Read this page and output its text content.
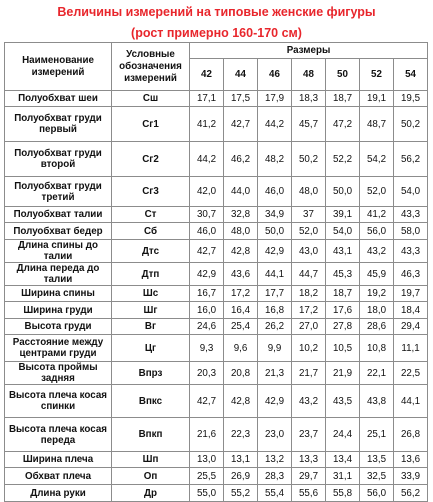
Величины измерений на типовые женские фигуры
(рост примерно 160-170 см)
Наименование измерений	Условные обозначения измерений	Размеры						
		42	44	46	48	50	52	54
Полуобхват шеи	Сш	17,1	17,5	17,9	18,3	18,7	19,1	19,5
Полуобхват груди первый	Сг1	41,2	42,7	44,2	45,7	47,2	48,7	50,2
Полуобхват груди второй	Сг2	44,2	46,2	48,2	50,2	52,2	54,2	56,2
Полуобхват груди третий	Сг3	42,0	44,0	46,0	48,0	50,0	52,0	54,0
Полуобхват талии	Ст	30,7	32,8	34,9	37	39,1	41,2	43,3
Полуобхват бедер	Сб	46,0	48,0	50,0	52,0	54,0	56,0	58,0
Длина спины до талии	Дтс	42,7	42,8	42,9	43,0	43,1	43,2	43,3
Длина переда до талии	Дтп	42,9	43,6	44,1	44,7	45,3	45,9	46,3
Ширина спины	Шс	16,7	17,2	17,7	18,2	18,7	19,2	19,7
Ширина груди	Шг	16,0	16,4	16,8	17,2	17,6	18,0	18,4
Высота груди	Вг	24,6	25,4	26,2	27,0	27,8	28,6	29,4
Расстояние между центрами груди	Цг	9,3	9,6	9,9	10,2	10,5	10,8	11,1
Высота проймы задняя	Впрз	20,3	20,8	21,3	21,7	21,9	22,1	22,5
Высота плеча косая спинки	Впкс	42,7	42,8	42,9	43,2	43,5	43,8	44,1
Высота плеча косая переда	Впкп	21,6	22,3	23,0	23,7	24,4	25,1	26,8
Ширина плеча	Шп	13,0	13,1	13,2	13,3	13,4	13,5	13,6
Обхват плеча	Оп	25,5	26,9	28,3	29,7	31,1	32,5	33,9
Длина руки	Др	55,0	55,2	55,4	55,6	55,8	56,0	56,2
